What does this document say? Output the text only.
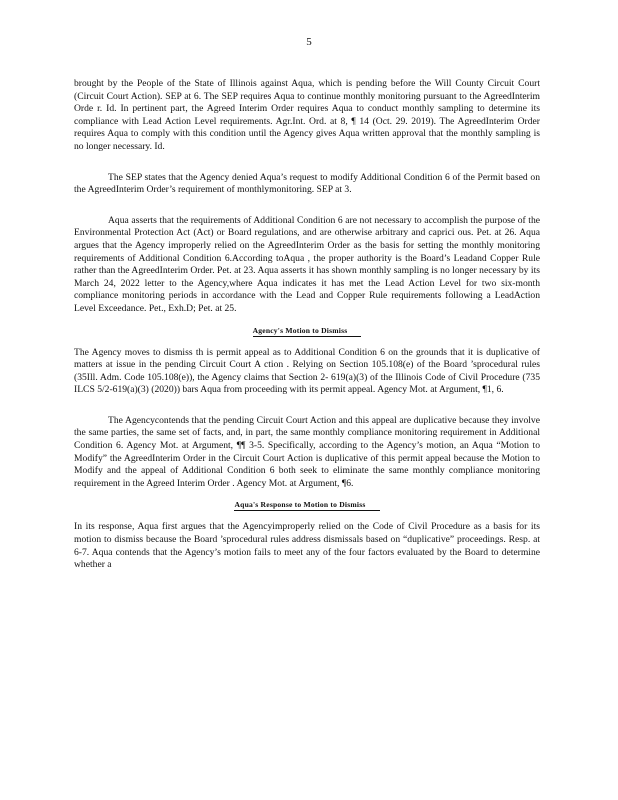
5

brought by the People of the State of Illinois against Aqua, which is pending before the Will County Circuit Court (Circuit Court Action). SEP at 6. The SEP requires Aqua to continue monthly monitoring pursuant to the AgreedInterim Orde r. Id. In pertinent part, the Agreed Interim Order requires Aqua to conduct monthly sampling to determine its compliance with Lead Action Level requirements. Agr.Int. Ord. at 8, ¶ 14 (Oct. 29. 2019). The AgreedInterim Order requires Aqua to comply with this condition until the Agency gives Aqua written approval that the monthly sampling is no longer necessary. Id.

The SEP states that the Agency denied Aqua’s request to modify Additional Condition 6 of the Permit based on the AgreedInterim Order’s requirement of monthlymonitoring. SEP at 3.

Aqua asserts that the requirements of Additional Condition 6 are not necessary to accomplish the purpose of the Environmental Protection Act (Act) or Board regulations, and are otherwise arbitrary and caprici ous. Pet. at 26. Aqua argues that the Agency improperly relied on the AgreedInterim Order as the basis for setting the monthly monitoring requirements of Additional Condition 6.According toAqua , the proper authority is the Board’s Leadand Copper Rule rather than the AgreedInterim Order. Pet. at 23. Aqua asserts it has shown monthly sampling is no longer necessary by its March 24, 2022 letter to the Agency,where Aqua indicates it has met the Lead Action Level for two six-month compliance monitoring periods in accordance with the Lead and Copper Rule requirements following a LeadAction Level Exceedance. Pet., Exh.D; Pet. at 25.

Agency's Motion to Dismiss

The Agency moves to dismiss th is permit appeal as to Additional Condition 6 on the grounds that it is duplicative of matters at issue in the pending Circuit Court A ction . Relying on Section 105.108(e) of the Board ’sprocedural rules (35Ill. Adm. Code 105.108(e)), the Agency claims that Section 2- 619(a)(3) of the Illinois Code of Civil Procedure (735 ILCS 5/2-619(a)(3) (2020)) bars Aqua from proceeding with its permit appeal. Agency Mot. at Argument, ¶1, 6.

The Agencycontends that the pending Circuit Court Action and this appeal are duplicative because they involve the same parties, the same set of facts, and, in part, the same monthly compliance monitoring requirement in Additional Condition 6. Agency Mot. at Argument, ¶¶ 3-5. Specifically, according to the Agency’s motion, an Aqua “Motion to Modify” the AgreedInterim Order in the Circuit Court Action is duplicative of this permit appeal because the Motion to Modify and the appeal of Additional Condition 6 both seek to eliminate the same monthly compliance monitoring requirement in the Agreed Interim Order . Agency Mot. at Argument, ¶6.

Aqua's Response to Motion to Dismiss

In its response, Aqua first argues that the Agencyimproperly relied on the Code of Civil Procedure as a basis for its motion to dismiss because the Board ’sprocedural rules address dismissals based on “duplicative” proceedings. Resp. at 6-7. Aqua contends that the Agency’s motion fails to meet any of the four factors evaluated by the Board to determine whether a
